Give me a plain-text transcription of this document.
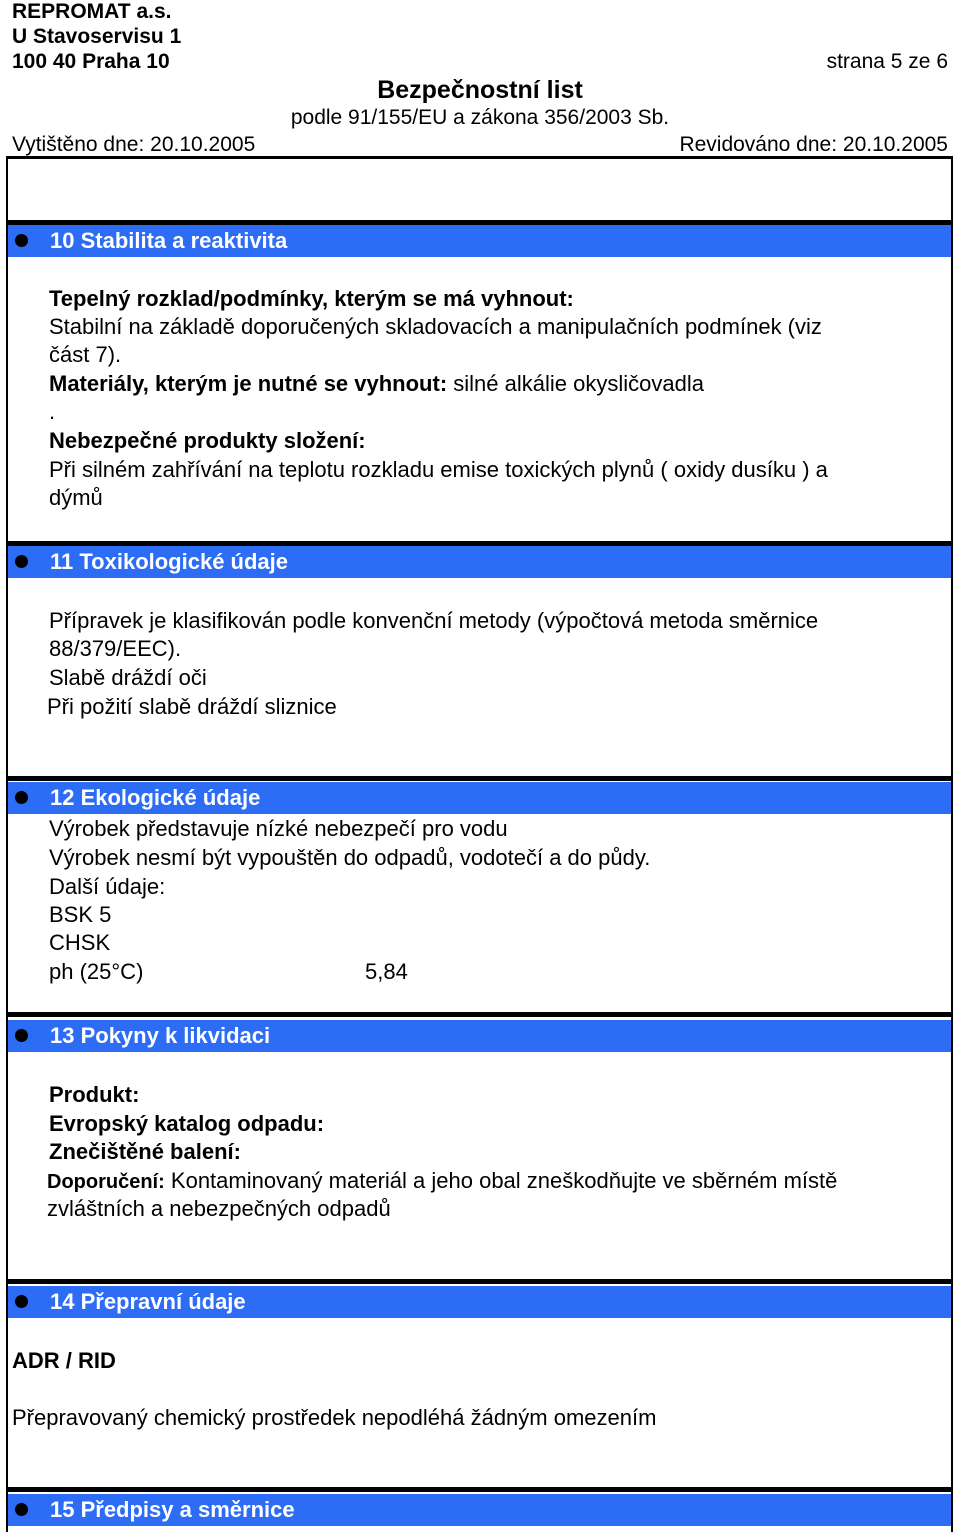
REPROMAT a.s.
U Stavoservisu 1
100 40 Praha 10	strana 5 ze 6
Bezpečnostní list
podle 91/155/EU a zákona 356/2003 Sb.
Vytištěno dne: 20.10.2005	Revidováno dne: 20.10.2005
10 Stabilita a reaktivita
Tepelný rozklad/podmínky, kterým se má vyhnout:
Stabilní na základě doporučených skladovacích a manipulačních podmínek (viz
část 7).
Materiály, kterým je nutné se vyhnout: silné alkálie okysličovadla
.
Nebezpečné produkty složení:
Při silném zahřívání na teplotu rozkladu emise toxických plynů ( oxidy dusíku ) a
dýmů
11 Toxikologické údaje
Přípravek je klasifikován podle konvenční metody (výpočtová metoda směrnice
88/379/EEC).
Slabě dráždí oči
Při požití slabě dráždí sliznice
12 Ekologické údaje
Výrobek představuje nízké nebezpečí pro vodu
Výrobek nesmí být vypouštěn do odpadů, vodotečí a do půdy.
Další údaje:
BSK 5
CHSK
ph (25°C)	5,84
13 Pokyny k likvidaci
Produkt:
Evropský katalog odpadu:
Znečištěné balení:
Doporučení: Kontaminovaný materiál a jeho obal zneškodňujte ve sběrném místě
zvláštních a nebezpečných odpadů
14 Přepravní údaje
ADR / RID
Přepravovaný chemický prostředek nepodléhá žádným omezením
15 Předpisy a směrnice
